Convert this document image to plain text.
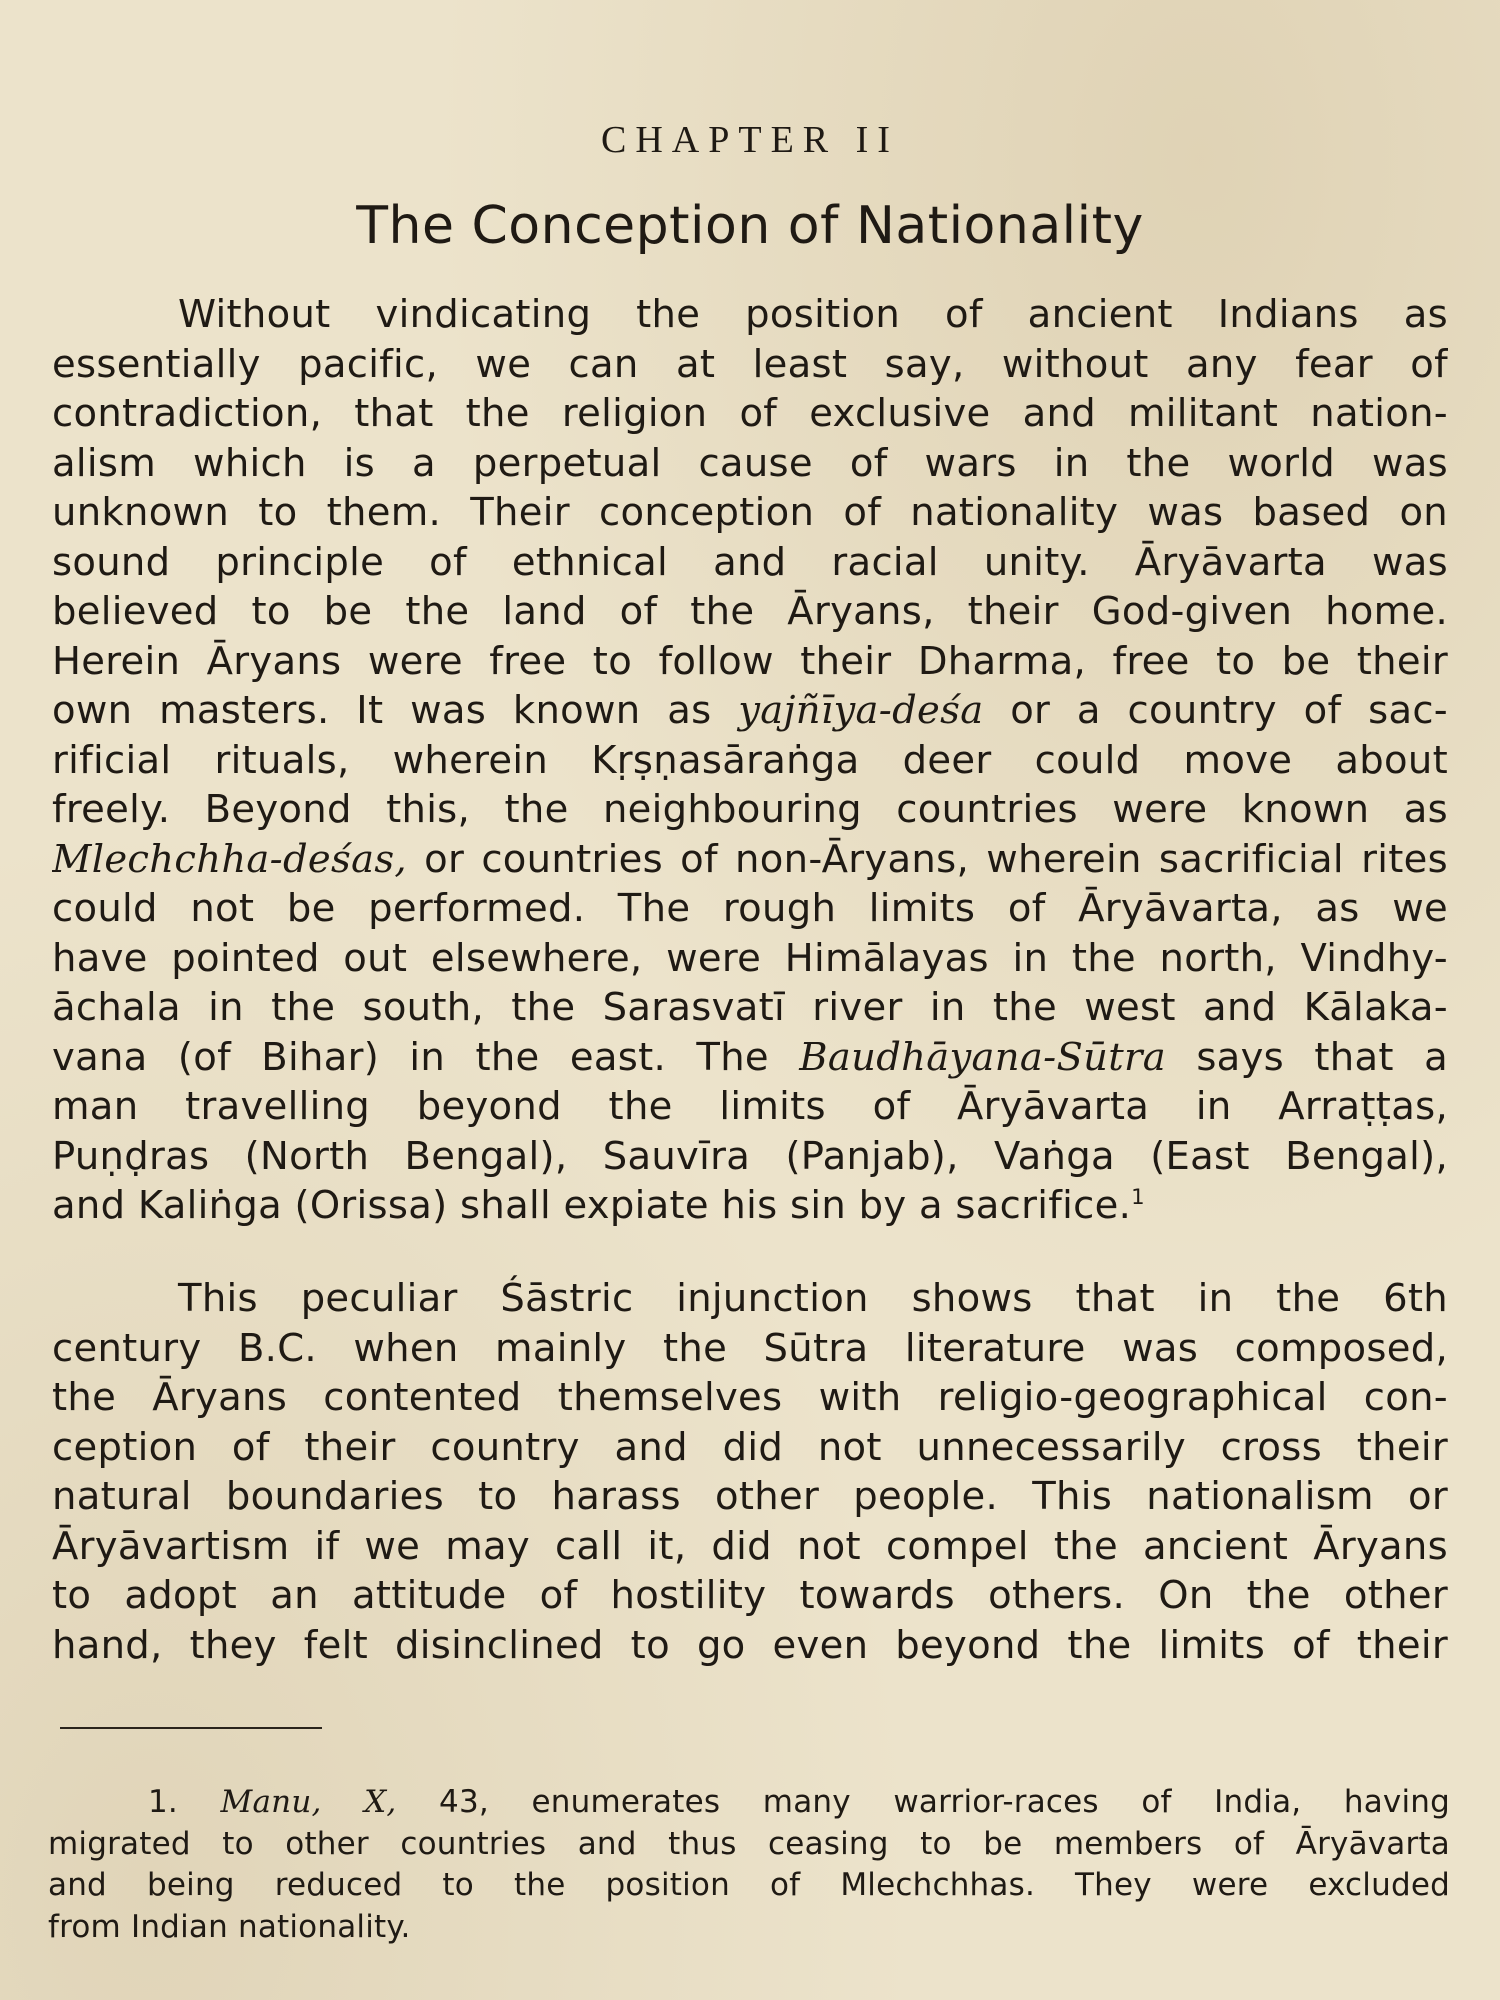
CHAPTER II
The Conception of Nationality
Without vindicating the position of ancient Indians as
essentially pacific, we can at least say, without any fear of
contradiction, that the religion of exclusive and militant nation-
alism which is a perpetual cause of wars in the world was
unknown to them. Their conception of nationality was based on
sound principle of ethnical and racial unity. Āryāvarta was
believed to be the land of the Āryans, their God-given home.
Herein Āryans were free to follow their Dharma, free to be their
own masters. It was known as yajñīya-deśa or a country of sac-
rificial rituals, wherein Kṛṣṇasāraṅga deer could move about
freely. Beyond this, the neighbouring countries were known as
Mlechchha-deśas, or countries of non-Āryans, wherein sacrificial rites
could not be performed. The rough limits of Āryāvarta, as we
have pointed out elsewhere, were Himālayas in the north, Vindhy-
āchala in the south, the Sarasvatī river in the west and Kālaka-
vana (of Bihar) in the east. The Baudhāyana-Sūtra says that a
man travelling beyond the limits of Āryāvarta in Arraṭṭas,
Puṇḍras (North Bengal), Sauvīra (Panjab), Vaṅga (East Bengal),
and Kaliṅga (Orissa) shall expiate his sin by a sacrifice.$^1$
This peculiar Śāstric injunction shows that in the 6th
century B.C. when mainly the Sūtra literature was composed,
the Āryans contented themselves with religio-geographical con-
ception of their country and did not unnecessarily cross their
natural boundaries to harass other people. This nationalism or
Āryāvartism if we may call it, did not compel the ancient Āryans
to adopt an attitude of hostility towards others. On the other
hand, they felt disinclined to go even beyond the limits of their
1. Manu, X, 43, enumerates many warrior-races of India, having
migrated to other countries and thus ceasing to be members of Āryāvarta
and being reduced to the position of Mlechchhas. They were excluded
from Indian nationality.
